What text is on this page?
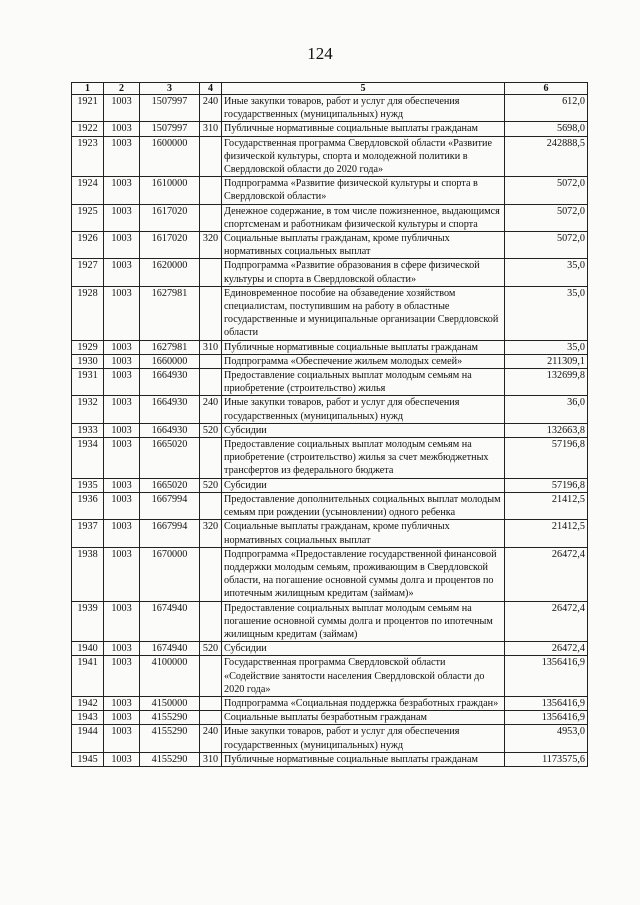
124
1	2	3	4	5	6
1921	1003	1507997	240	Иные закупки товаров, работ и услуг для обеспечения государственных (муниципальных) нужд	612,0
1922	1003	1507997	310	Публичные нормативные социальные выплаты гражданам	5698,0
1923	1003	1600000		Государственная программа Свердловской области «Развитие физической культуры, спорта и молодежной политики в Свердловской области до 2020 года»	242888,5
1924	1003	1610000		Подпрограмма «Развитие физической культуры и спорта в Свердловской области»	5072,0
1925	1003	1617020		Денежное содержание, в том числе пожизненное, выдающимся спортсменам и работникам физической культуры и спорта	5072,0
1926	1003	1617020	320	Социальные выплаты гражданам, кроме публичных нормативных социальных выплат	5072,0
1927	1003	1620000		Подпрограмма «Развитие образования в сфере физической культуры и спорта в Свердловской области»	35,0
1928	1003	1627981		Единовременное пособие на обзаведение хозяйством специалистам, поступившим на работу в областные государственные и муниципальные организации Свердловской области	35,0
1929	1003	1627981	310	Публичные нормативные социальные выплаты гражданам	35,0
1930	1003	1660000		Подпрограмма «Обеспечение жильем молодых семей»	211309,1
1931	1003	1664930		Предоставление социальных выплат молодым семьям на приобретение (строительство) жилья	132699,8
1932	1003	1664930	240	Иные закупки товаров, работ и услуг для обеспечения государственных (муниципальных) нужд	36,0
1933	1003	1664930	520	Субсидии	132663,8
1934	1003	1665020		Предоставление социальных выплат молодым семьям на приобретение (строительство) жилья за счет межбюджетных трансфертов из федерального бюджета	57196,8
1935	1003	1665020	520	Субсидии	57196,8
1936	1003	1667994		Предоставление дополнительных социальных выплат молодым семьям при рождении (усыновлении) одного ребенка	21412,5
1937	1003	1667994	320	Социальные выплаты гражданам, кроме публичных нормативных социальных выплат	21412,5
1938	1003	1670000		Подпрограмма «Предоставление государственной финансовой поддержки молодым семьям, проживающим в Свердловской области, на погашение основной суммы долга и процентов по ипотечным жилищным кредитам (займам)»	26472,4
1939	1003	1674940		Предоставление социальных выплат молодым семьям на погашение основной суммы долга и процентов по ипотечным жилищным кредитам (займам)	26472,4
1940	1003	1674940	520	Субсидии	26472,4
1941	1003	4100000		Государственная программа Свердловской области «Содействие занятости населения Свердловской области до 2020 года»	1356416,9
1942	1003	4150000		Подпрограмма «Социальная поддержка безработных граждан»	1356416,9
1943	1003	4155290		Социальные выплаты безработным гражданам	1356416,9
1944	1003	4155290	240	Иные закупки товаров, работ и услуг для обеспечения государственных (муниципальных) нужд	4953,0
1945	1003	4155290	310	Публичные нормативные социальные выплаты гражданам	1173575,6
